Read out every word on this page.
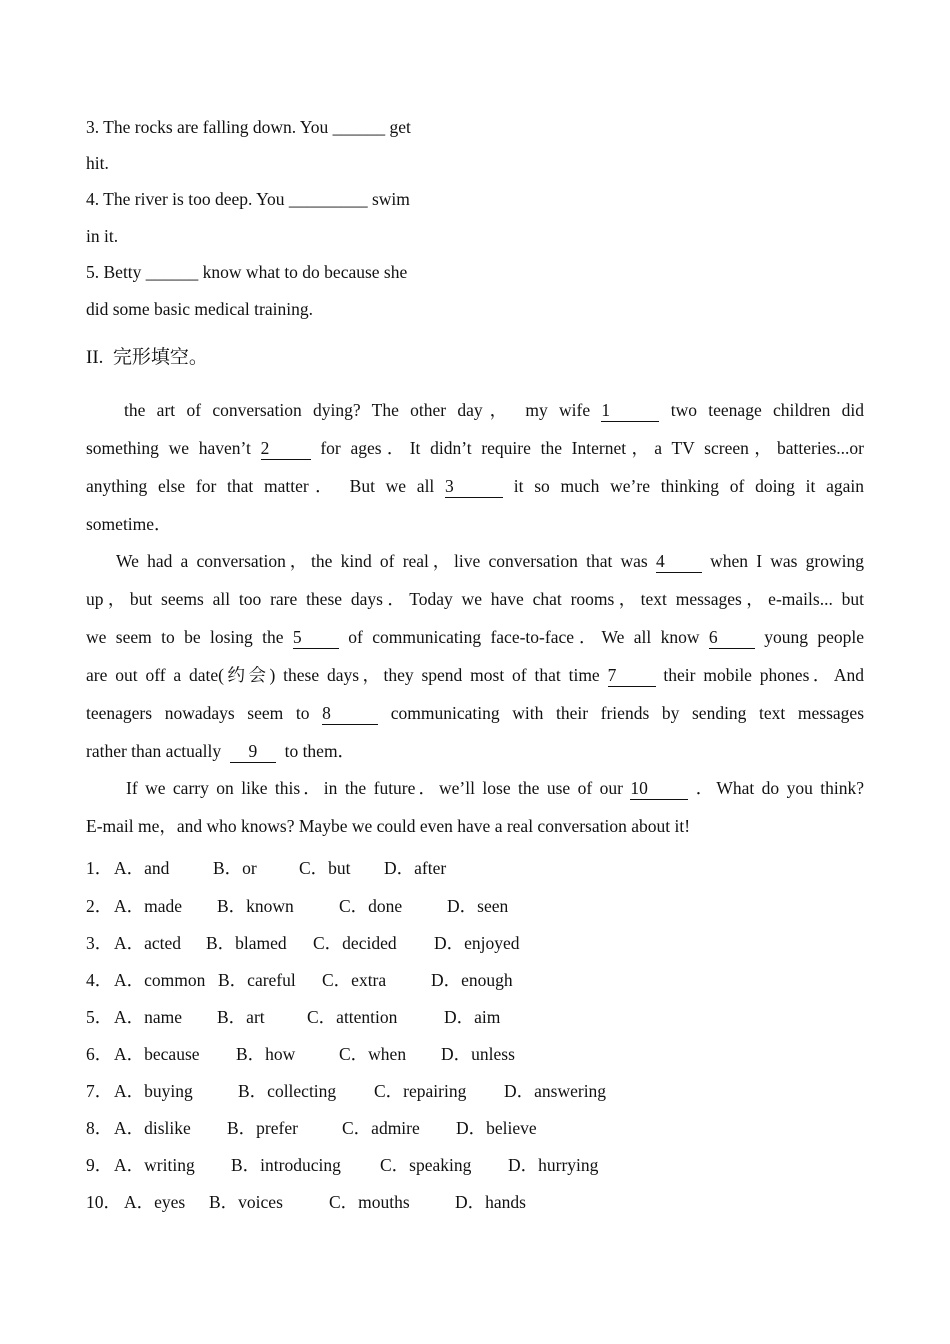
3. The rocks are falling down. You ______ get
hit.
4. The river is too deep. You _________ swim
in it.
5. Betty ______ know what to do because she
did some basic medical training.
II.  完形填空。
the art of conversation dying? The other day， my wife 1	two teenage children did
something we haven’t 2	for ages．It didn’t require the Internet，a TV screen，batteries...or
anything else for that matter． But we all 3	it so much we’re thinking of doing it again
sometime．
We had a conversation，the kind of real，live conversation that was 4	when I was growing
up，but seems all too rare these days．Today we have chat rooms，text messages，e-mails... but
we seem to be losing the 5	of communicating face-to-face．We all know 6	young people
are out off a date(约会) these days，they spend most of that time 7	their mobile phones．And
teenagers nowadays seem to 8	communicating with their friends by sending text messages
rather than actually 9 to them．
If we carry on like this．in the future．we’ll lose the use of our 10	．What do you think?
E-mail me，and who knows? Maybe we could even have a real conversation about it!
1． A．and B．or C．but D．after
2． A．made B．known	C．done	D．seen
3． A．acted B．blamed C．decided D．enjoyed
4． A．common B．careful C．extra	D．enough
5． A．name B．art C．attention	D．aim
6． A．because B．how C．when D．unless
7． A．buying	B．collecting C．repairing D．answering
8． A．dislike B．prefer	C．admire D．believe
9． A．writing B．introducing C．speaking D．hurrying
10． A．eyes B．voices	C．mouths	D．hands
